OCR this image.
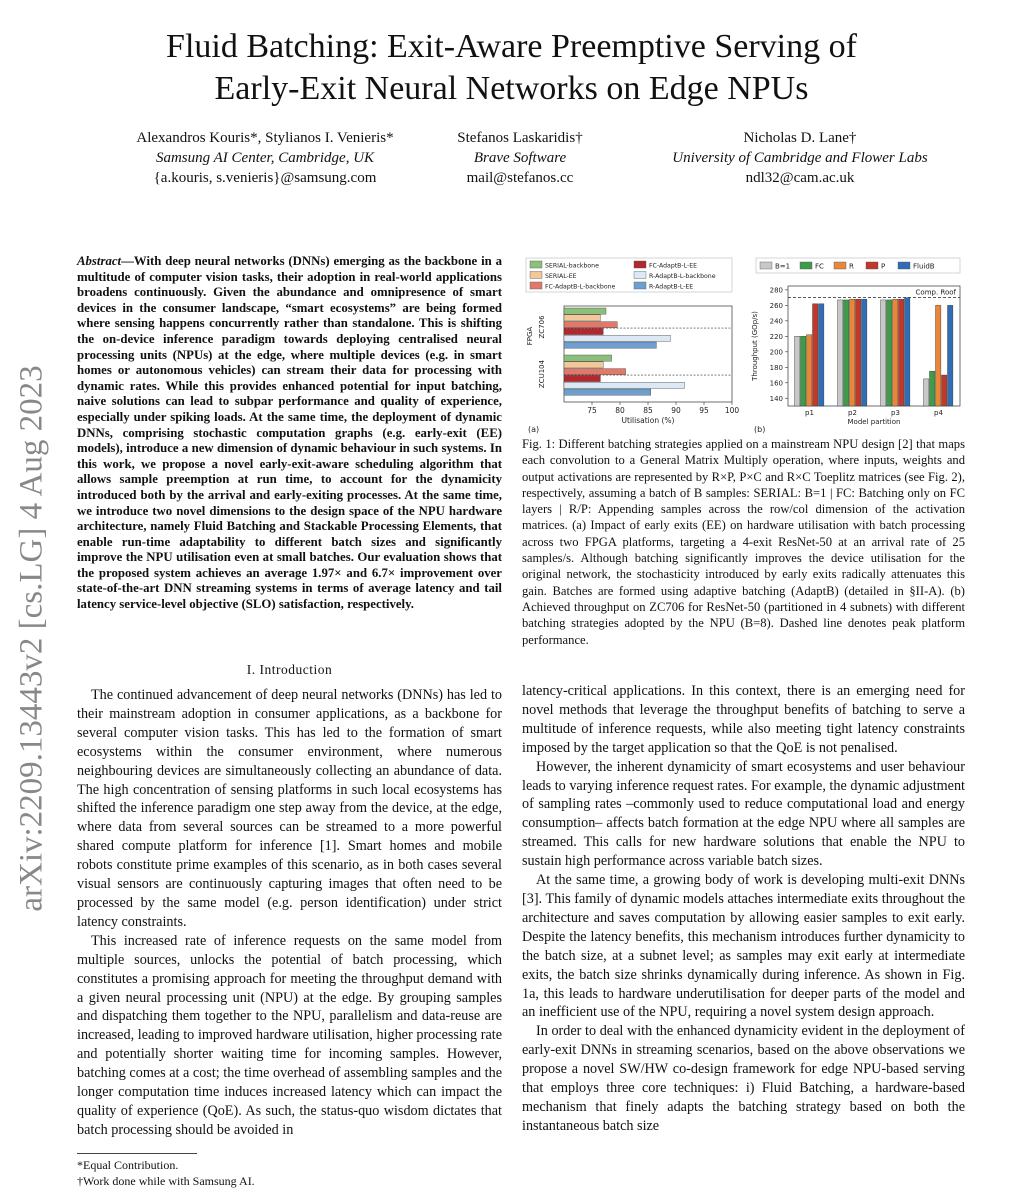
Fluid Batching: Exit-Aware Preemptive Serving of
Early-Exit Neural Networks on Edge NPUs
Alexandros Kouris*, Stylianos I. Venieris*
Samsung AI Center, Cambridge, UK
{a.kouris, s.venieris}@samsung.com
Stefanos Laskaridis†
Brave Software
mail@stefanos.cc
Nicholas D. Lane†
University of Cambridge and Flower Labs
ndl32@cam.ac.uk
arXiv:2209.13443v2 [cs.LG] 4 Aug 2023
Abstract—With deep neural networks (DNNs) emerging as the backbone in a multitude of computer vision tasks, their adoption in real-world applications broadens continuously. Given the abundance and omnipresence of smart devices in the consumer landscape, “smart ecosystems” are being formed where sensing happens concurrently rather than standalone. This is shifting the on-device inference paradigm towards deploying centralised neural processing units (NPUs) at the edge, where multiple devices (e.g. in smart homes or autonomous vehicles) can stream their data for processing with dynamic rates. While this provides enhanced potential for input batching, naive solutions can lead to subpar performance and quality of experience, especially under spiking loads. At the same time, the deployment of dynamic DNNs, comprising stochastic computation graphs (e.g. early-exit (EE) models), introduce a new dimension of dynamic behaviour in such systems. In this work, we propose a novel early-exit-aware scheduling algorithm that allows sample preemption at run time, to account for the dynamicity introduced both by the arrival and early-exiting processes. At the same time, we introduce two novel dimensions to the design space of the NPU hardware architecture, namely Fluid Batching and Stackable Processing Elements, that enable run-time adaptability to different batch sizes and significantly improve the NPU utilisation even at small batches. Our evaluation shows that the proposed system achieves an average 1.97× and 6.7× improvement over state-of-the-art DNN streaming systems in terms of average latency and tail latency service-level objective (SLO) satisfaction, respectively.
I. Introduction

The continued advancement of deep neural networks (DNNs) has led to their mainstream adoption in consumer applications, as a backbone for several computer vision tasks. This has led to the formation of smart ecosystems within the consumer environment, where numerous neighbouring devices are simultaneously collecting an abundance of data. The high concentration of sensing platforms in such local ecosystems has shifted the inference paradigm one step away from the device, at the edge, where data from several sources can be streamed to a more powerful shared compute platform for inference [1]. Smart homes and mobile robots constitute prime examples of this scenario, as in both cases several visual sensors are continuously capturing images that often need to be processed by the same model (e.g. person identification) under strict latency constraints.

This increased rate of inference requests on the same model from multiple sources, unlocks the potential of batch processing, which constitutes a promising approach for meeting the throughput demand with a given neural processing unit (NPU) at the edge. By grouping samples and dispatching them together to the NPU, parallelism and data-reuse are increased, leading to improved hardware utilisation, higher processing rate and potentially shorter waiting time for incoming samples. However, batching comes at a cost; the time overhead of assembling samples and the longer computation time induces increased latency which can impact the quality of experience (QoE). As such, the status-quo wisdom dictates that batch processing should be avoided in

latency-critical applications. In this context, there is an emerging need for novel methods that leverage the throughput benefits of batching to serve a multitude of inference requests, while also meeting tight latency constraints imposed by the target application so that the QoE is not penalised.

However, the inherent dynamicity of smart ecosystems and user behaviour leads to varying inference request rates. For example, the dynamic adjustment of sampling rates –commonly used to reduce computational load and energy consumption– affects batch formation at the edge NPU where all samples are streamed. This calls for new hardware solutions that enable the NPU to sustain high performance across variable batch sizes.

At the same time, a growing body of work is developing multi-exit DNNs [3]. This family of dynamic models attaches intermediate exits throughout the architecture and saves computation by allowing easier samples to exit early. Despite the latency benefits, this mechanism introduces further dynamicity to the batch size, at a subnet level; as samples may exit early at intermediate exits, the batch size shrinks dynamically during inference. As shown in Fig. 1a, this leads to hardware underutilisation for deeper parts of the model and an inefficient use of the NPU, requiring a novel system design approach.

In order to deal with the enhanced dynamicity evident in the deployment of early-exit DNNs in streaming scenarios, based on the above observations we propose a novel SW/HW co-design framework for edge NPU-based serving that employs three core techniques: i) Fluid Batching, a hardware-based mechanism that finely adapts the batching strategy based on both the instantaneous batch size

SERIAL-backbone
SERIAL-EE
FC-AdaptB-L-backbone
FC-AdaptB-L-EE
R-AdaptB-L-backbone
R-AdaptB-L-EE
75 80 85 90 95 100
Utilisation (%)
(a)
FPGA ZC706
ZCU104
B=1	FC	R	P	FluidB
140
160
180
200
220
240
260
280
Throughput (GOp/s)
p1	p2	p3	p4
Model partition
Comp. Roof
(b)
Fig. 1: Different batching strategies applied on a mainstream NPU design [2] that maps each convolution to a General Matrix Multiply operation, where inputs, weights and output activations are represented by R×P, P×C and R×C Toeplitz matrices (see Fig. 2), respectively, assuming a batch of B samples: SERIAL: B=1 | FC: Batching only on FC layers | R/P: Appending samples across the row/col dimension of the activation matrices. (a) Impact of early exits (EE) on hardware utilisation with batch processing across two FPGA platforms, targeting a 4-exit ResNet-50 at an arrival rate of 25 samples/s. Although batching significantly improves the device utilisation for the original network, the stochasticity introduced by early exits radically attenuates this gain. Batches are formed using adaptive batching (AdaptB) (detailed in §II-A). (b) Achieved throughput on ZC706 for ResNet-50 (partitioned in 4 subnets) with different batching strategies adopted by the NPU (B=8). Dashed line denotes peak platform performance.
*Equal Contribution.
†Work done while with Samsung AI.
